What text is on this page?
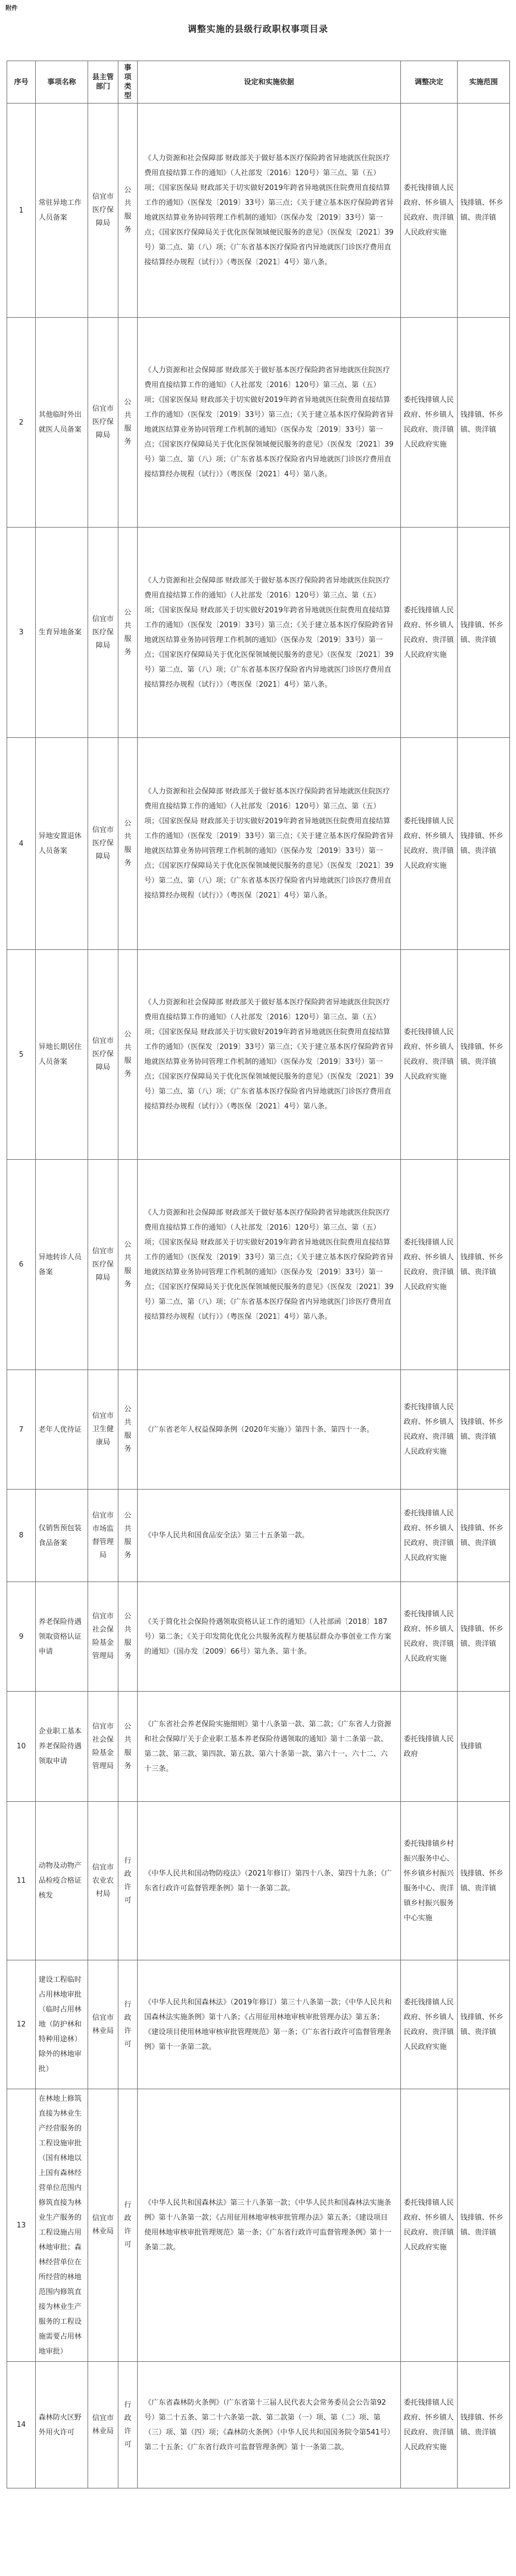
附件
调整实施的县级行政职权事项目录
序号	事项名称	县主管部门	事项类型	设定和实施依据	调整决定	实施范围
1	常驻异地工作人员备案	信宜市医疗保障局	公共服务	《人力资源和社会保障部 财政部关于做好基本医疗保险跨省异地就医住院医疗费用直接结算工作的通知》（人社部发〔2016〕120号）第三点、第（五）项；《国家医保局 财政部关于切实做好2019年跨省异地就医住院费用直接结算工作的通知》（医保发〔2019〕33号）第三点；《关于建立基本医疗保险跨省异地就医结算业务协同管理工作机制的通知》（医保办发〔2019〕33号）第一点；《国家医疗保障局关于优化医保领域便民服务的意见》（医保发〔2021〕39号）第二点、第（八）项；《广东省基本医疗保险省内异地就医门诊医疗费用直接结算经办规程（试行）》（粤医保〔2021〕4号）第八条。	委托钱排镇人民政府、怀乡镇人民政府、贵洋镇人民政府实施	钱排镇、怀乡镇、贵洋镇
2	其他临时外出就医人员备案	信宜市医疗保障局	公共服务	《人力资源和社会保障部 财政部关于做好基本医疗保险跨省异地就医住院医疗费用直接结算工作的通知》（人社部发〔2016〕120号）第三点、第（五）项；《国家医保局 财政部关于切实做好2019年跨省异地就医住院费用直接结算工作的通知》（医保发〔2019〕33号）第三点；《关于建立基本医疗保险跨省异地就医结算业务协同管理工作机制的通知》（医保办发〔2019〕33号）第一点；《国家医疗保障局关于优化医保领域便民服务的意见》（医保发〔2021〕39号）第二点、第（八）项；《广东省基本医疗保险省内异地就医门诊医疗费用直接结算经办规程（试行）》（粤医保〔2021〕4号）第八条。	委托钱排镇人民政府、怀乡镇人民政府、贵洋镇人民政府实施	钱排镇、怀乡镇、贵洋镇
3	生育异地备案	信宜市医疗保障局	公共服务	《人力资源和社会保障部 财政部关于做好基本医疗保险跨省异地就医住院医疗费用直接结算工作的通知》（人社部发〔2016〕120号）第三点、第（五）项；《国家医保局 财政部关于切实做好2019年跨省异地就医住院费用直接结算工作的通知》（医保发〔2019〕33号）第三点；《关于建立基本医疗保险跨省异地就医结算业务协同管理工作机制的通知》（医保办发〔2019〕33号）第一点；《国家医疗保障局关于优化医保领域便民服务的意见》（医保发〔2021〕39号）第二点、第（八）项；《广东省基本医疗保险省内异地就医门诊医疗费用直接结算经办规程（试行）》（粤医保〔2021〕4号）第八条。	委托钱排镇人民政府、怀乡镇人民政府、贵洋镇人民政府实施	钱排镇、怀乡镇、贵洋镇
4	异地安置退休人员备案	信宜市医疗保障局	公共服务	《人力资源和社会保障部 财政部关于做好基本医疗保险跨省异地就医住院医疗费用直接结算工作的通知》（人社部发〔2016〕120号）第三点、第（五）项；《国家医保局 财政部关于切实做好2019年跨省异地就医住院费用直接结算工作的通知》（医保发〔2019〕33号）第三点；《关于建立基本医疗保险跨省异地就医结算业务协同管理工作机制的通知》（医保办发〔2019〕33号）第一点；《国家医疗保障局关于优化医保领域便民服务的意见》（医保发〔2021〕39号）第二点、第（八）项；《广东省基本医疗保险省内异地就医门诊医疗费用直接结算经办规程（试行）》（粤医保〔2021〕4号）第八条。	委托钱排镇人民政府、怀乡镇人民政府、贵洋镇人民政府实施	钱排镇、怀乡镇、贵洋镇
5	异地长期居住人员备案	信宜市医疗保障局	公共服务	《人力资源和社会保障部 财政部关于做好基本医疗保险跨省异地就医住院医疗费用直接结算工作的通知》（人社部发〔2016〕120号）第三点、第（五）项；《国家医保局 财政部关于切实做好2019年跨省异地就医住院费用直接结算工作的通知》（医保发〔2019〕33号）第三点；《关于建立基本医疗保险跨省异地就医结算业务协同管理工作机制的通知》（医保办发〔2019〕33号）第一点；《国家医疗保障局关于优化医保领域便民服务的意见》（医保发〔2021〕39号）第二点、第（八）项；《广东省基本医疗保险省内异地就医门诊医疗费用直接结算经办规程（试行）》（粤医保〔2021〕4号）第八条。	委托钱排镇人民政府、怀乡镇人民政府、贵洋镇人民政府实施	钱排镇、怀乡镇、贵洋镇
6	异地转诊人员备案	信宜市医疗保障局	公共服务	《人力资源和社会保障部 财政部关于做好基本医疗保险跨省异地就医住院医疗费用直接结算工作的通知》（人社部发〔2016〕120号）第三点、第（五）项；《国家医保局 财政部关于切实做好2019年跨省异地就医住院费用直接结算工作的通知》（医保发〔2019〕33号）第三点；《关于建立基本医疗保险跨省异地就医结算业务协同管理工作机制的通知》（医保办发〔2019〕33号）第一点；《国家医疗保障局关于优化医保领域便民服务的意见》（医保发〔2021〕39号）第二点、第（八）项；《广东省基本医疗保险省内异地就医门诊医疗费用直接结算经办规程（试行）》（粤医保〔2021〕4号）第八条。	委托钱排镇人民政府、怀乡镇人民政府、贵洋镇人民政府实施	钱排镇、怀乡镇、贵洋镇
7	老年人优待证	信宜市卫生健康局	公共服务	《广东省老年人权益保障条例（2020年实施）》第四十条、第四十一条。	委托钱排镇人民政府、怀乡镇人民政府、贵洋镇人民政府实施	钱排镇、怀乡镇、贵洋镇
8	仅销售预包装食品备案	信宜市市场监督管理局	公共服务	《中华人民共和国食品安全法》第三十五条第一款。	委托钱排镇人民政府、怀乡镇人民政府、贵洋镇人民政府实施	钱排镇、怀乡镇、贵洋镇
9	养老保险待遇领取资格认证申请	信宜市社会保险基金管理局	公共服务	《关于简化社会保险待遇领取资格认证工作的通知》（人社部函〔2018〕187号）第二条；《关于印发简化优化公共服务流程方便基层群众办事创业工作方案的通知》（国办发〔2009〕66号）第九条、第十条。	委托钱排镇人民政府、怀乡镇人民政府、贵洋镇人民政府实施	钱排镇、怀乡镇、贵洋镇
10	企业职工基本养老保险待遇领取申请	信宜市社会保险基金管理局	公共服务	《广东省社会养老保险实施细则》第十八条第一款、第二款；《广东省人力资源和社会保障厅关于企业职工基本养老保险待遇领取的通知》第十二条第一款、第二款、第三款、第四款、第五款、第六十条第一款、第六十一、六十二、六十三条。	委托钱排镇人民政府	钱排镇
11	动物及动物产品检疫合格证核发	信宜市农业农村局	行政许可	《中华人民共和国动物防疫法》（2021年修订）第四十八条、第四十九条；《广东省行政许可监督管理条例》第十一条第二款。	委托钱排镇乡村振兴服务中心、怀乡镇乡村振兴服务中心、贵洋镇乡村振兴服务中心实施	钱排镇、怀乡镇、贵洋镇
12	建设工程临时占用林地审批（临时占用林地（防护林和特种用途林）除外的林地审批）	信宜市林业局	行政许可	《中华人民共和国森林法》（2019年修订）第三十八条第一款；《中华人民共和国森林法实施条例》第十八条；《占用征用林地审核审批管理办法》第五条；《建设项目使用林地审核审批管理规范》第一条；《广东省行政许可监督管理条例》第十一条第二款。	委托钱排镇人民政府、怀乡镇人民政府、贵洋镇人民政府实施	钱排镇、怀乡镇、贵洋镇
13	在林地上修筑直接为林业生产经营服务的工程设施审批（国有林地以上国有森林经营单位范围内修筑直接为林业生产服务的工程设施占用林地审批；森林经营单位在所经营的林地范围内修筑直接为林业生产服务的工程设施需要占用林地审批）	信宜市林业局	行政许可	《中华人民共和国森林法》第三十八条第一款；《中华人民共和国森林法实施条例》第十八条第一款；《占用征用林地审核审批管理办法》第五条；《建设项目使用林地审核审批管理规范》第一条；《广东省行政许可监督管理条例》第十一条第二款。	委托钱排镇人民政府、怀乡镇人民政府、贵洋镇人民政府实施	钱排镇、怀乡镇、贵洋镇
14	森林防火区野外用火许可	信宜市林业局	行政许可	《广东省森林防火条例》（广东省第十三届人民代表大会常务委员会公告第92号）第二十五条、第二十六条第一款、第二款第（一）项、第（二）项、第（三）项、第（四）项；《森林防火条例》（中华人民共和国国务院令第541号）第二十五条；《广东省行政许可监督管理条例》第十一条第二款。	委托钱排镇人民政府、怀乡镇人民政府、贵洋镇人民政府实施	钱排镇、怀乡镇、贵洋镇
